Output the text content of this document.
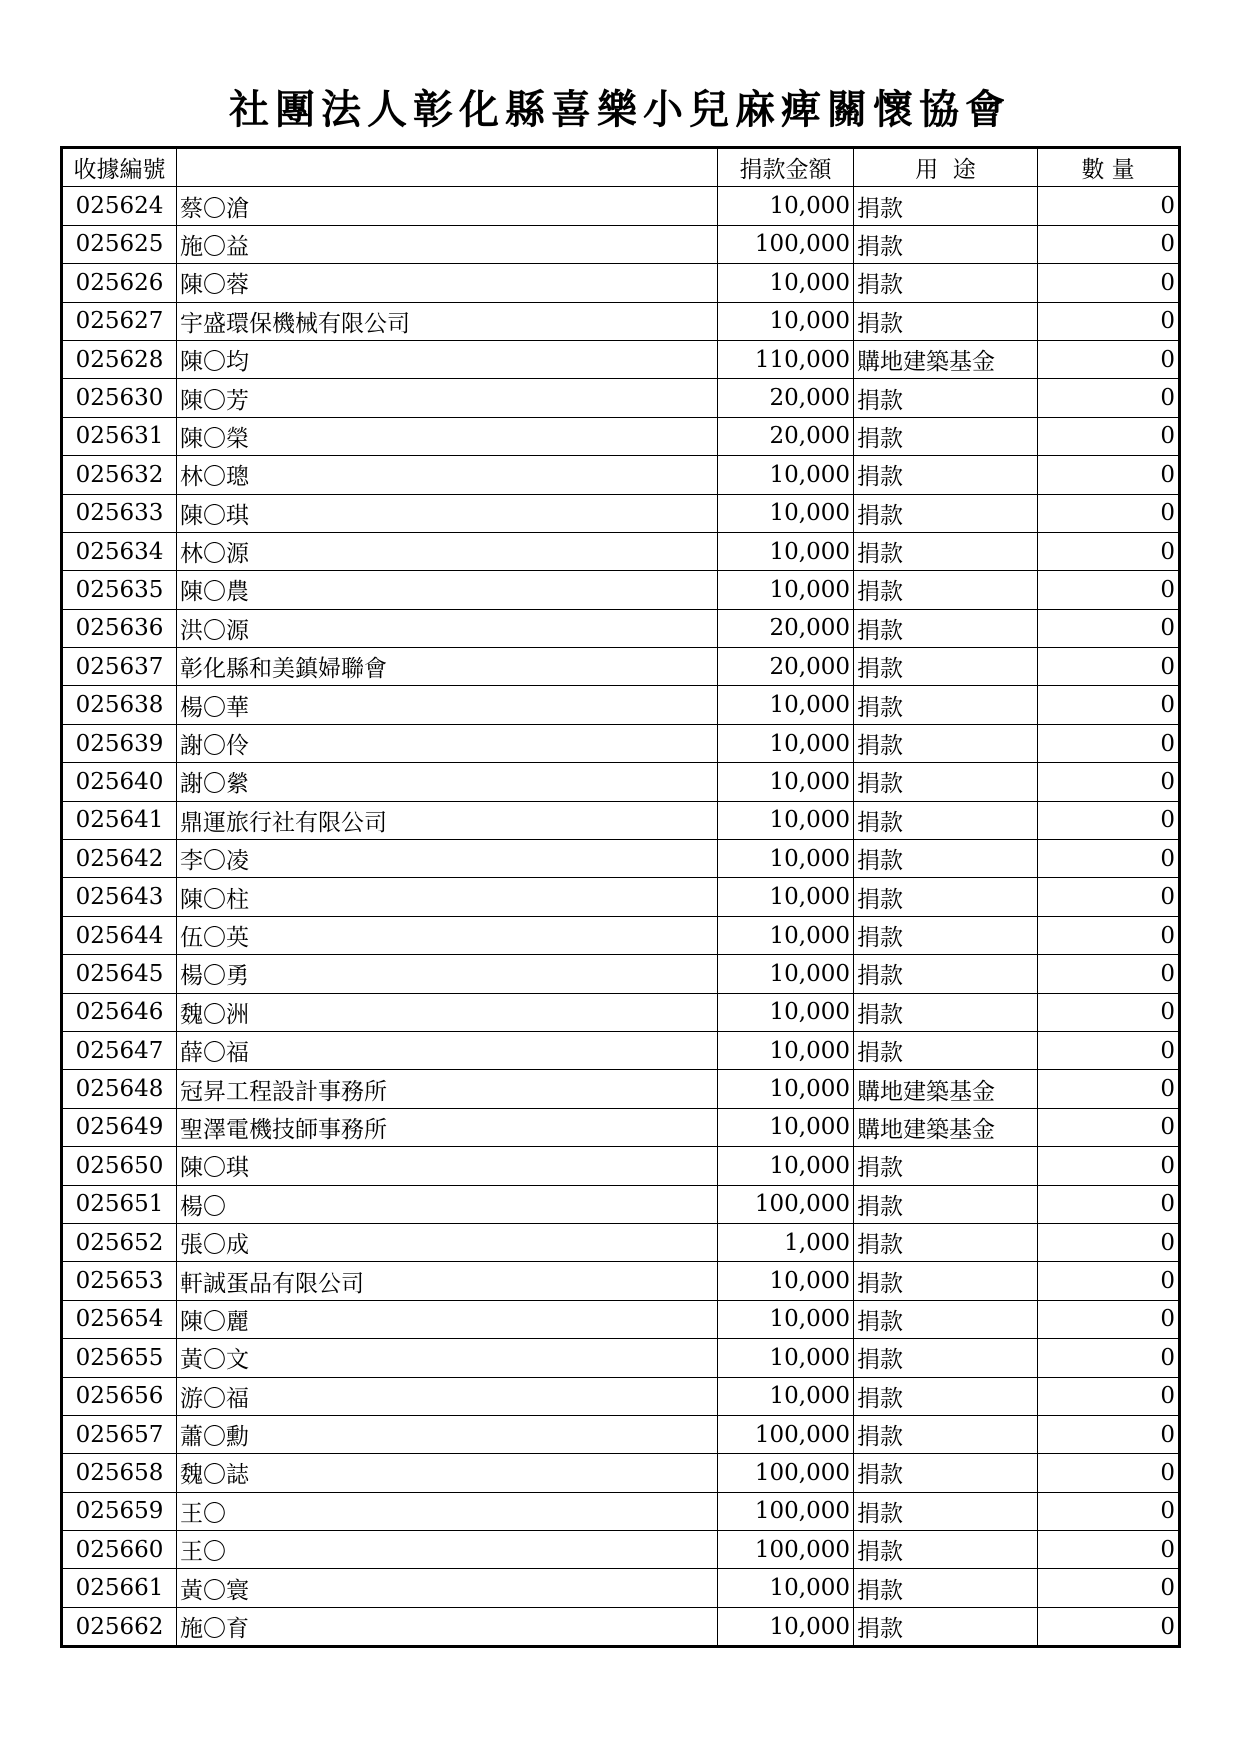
社團法人彰化縣喜樂小兒麻痺關懷協會
收據編號		捐款金額	用  途	數 量
025624	蔡〇滄	10,000	捐款	0
025625	施〇益	100,000	捐款	0
025626	陳〇蓉	10,000	捐款	0
025627	宇盛環保機械有限公司	10,000	捐款	0
025628	陳〇均	110,000	購地建築基金	0
025630	陳〇芳	20,000	捐款	0
025631	陳〇榮	20,000	捐款	0
025632	林〇璁	10,000	捐款	0
025633	陳〇琪	10,000	捐款	0
025634	林〇源	10,000	捐款	0
025635	陳〇農	10,000	捐款	0
025636	洪〇源	20,000	捐款	0
025637	彰化縣和美鎮婦聯會	20,000	捐款	0
025638	楊〇華	10,000	捐款	0
025639	謝〇伶	10,000	捐款	0
025640	謝〇縈	10,000	捐款	0
025641	鼎運旅行社有限公司	10,000	捐款	0
025642	李〇凌	10,000	捐款	0
025643	陳〇柱	10,000	捐款	0
025644	伍〇英	10,000	捐款	0
025645	楊〇勇	10,000	捐款	0
025646	魏〇洲	10,000	捐款	0
025647	薛〇福	10,000	捐款	0
025648	冠昇工程設計事務所	10,000	購地建築基金	0
025649	聖澤電機技師事務所	10,000	購地建築基金	0
025650	陳〇琪	10,000	捐款	0
025651	楊〇	100,000	捐款	0
025652	張〇成	1,000	捐款	0
025653	軒誠蛋品有限公司	10,000	捐款	0
025654	陳〇麗	10,000	捐款	0
025655	黃〇文	10,000	捐款	0
025656	游〇福	10,000	捐款	0
025657	蕭〇勳	100,000	捐款	0
025658	魏〇誌	100,000	捐款	0
025659	王〇	100,000	捐款	0
025660	王〇	100,000	捐款	0
025661	黃〇寰	10,000	捐款	0
025662	施〇育	10,000	捐款	0
